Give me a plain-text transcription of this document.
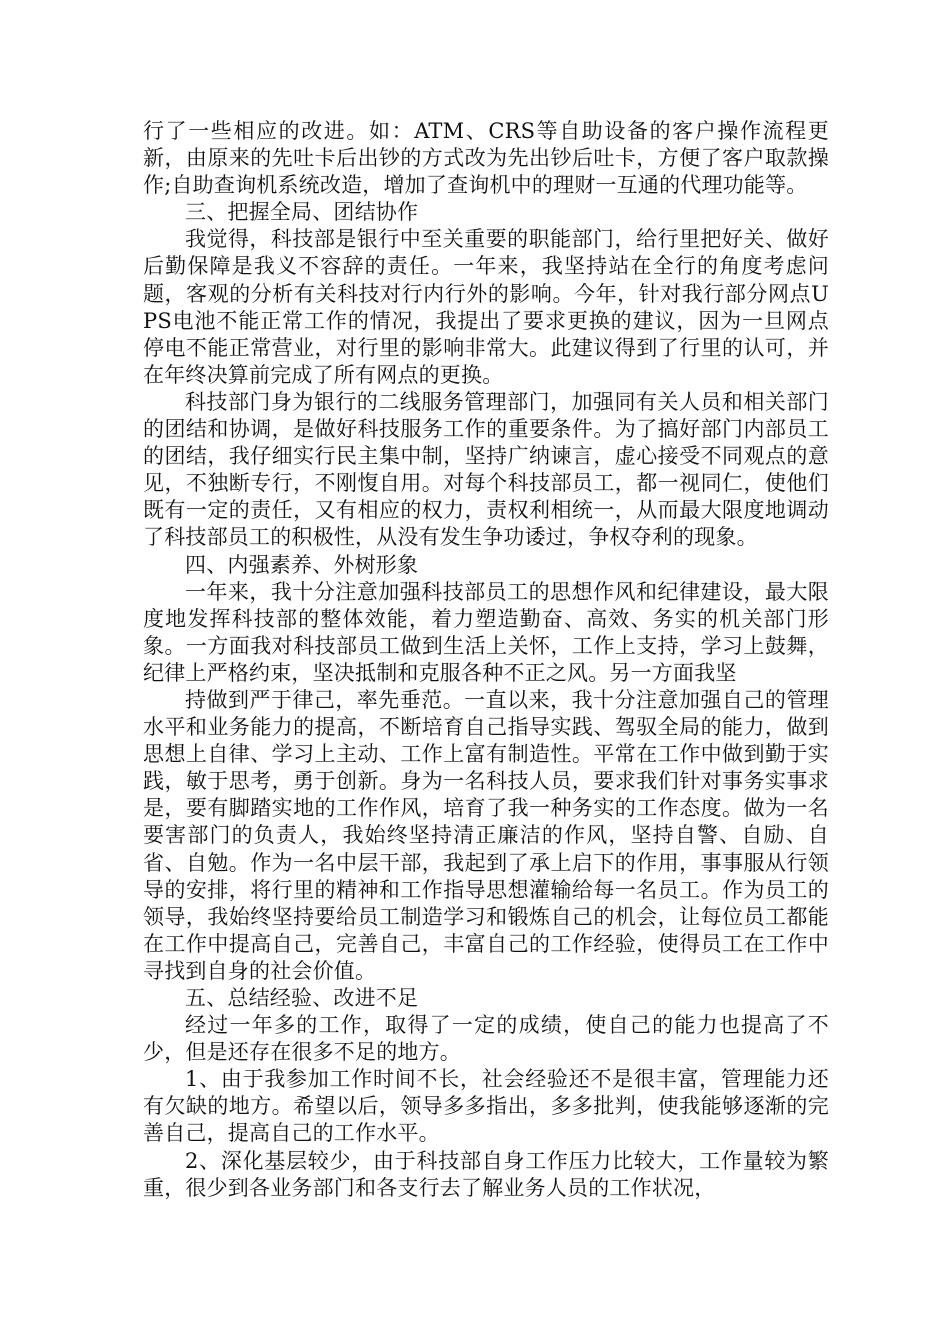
行了一些相应的改进。如：ATM、CRS等自助设备的客户操作流程更新，由原来的先吐卡后出钞的方式改为先出钞后吐卡，方便了客户取款操作;自助查询机系统改造，增加了查询机中的理财一互通的代理功能等。

三、把握全局、团结协作

我觉得，科技部是银行中至关重要的职能部门，给行里把好关、做好后勤保障是我义不容辞的责任。一年来，我坚持站在全行的角度考虑问题，客观的分析有关科技对行内行外的影响。今年，针对我行部分网点UPS电池不能正常工作的情况，我提出了要求更换的建议，因为一旦网点停电不能正常营业，对行里的影响非常大。此建议得到了行里的认可，并在年终决算前完成了所有网点的更换。

科技部门身为银行的二线服务管理部门，加强同有关人员和相关部门的团结和协调，是做好科技服务工作的重要条件。为了搞好部门内部员工的团结，我仔细实行民主集中制，坚持广纳谏言，虚心接受不同观点的意见，不独断专行，不刚愎自用。对每个科技部员工，都一视同仁，使他们既有一定的责任，又有相应的权力，责权利相统一，从而最大限度地调动了科技部员工的积极性，从没有发生争功诿过，争权夺利的现象。

四、内强素养、外树形象

一年来，我十分注意加强科技部员工的思想作风和纪律建设，最大限度地发挥科技部的整体效能，着力塑造勤奋、高效、务实的机关部门形象。一方面我对科技部员工做到生活上关怀，工作上支持，学习上鼓舞，纪律上严格约束，坚决抵制和克服各种不正之风。另一方面我坚

持做到严于律己，率先垂范。一直以来，我十分注意加强自己的管理水平和业务能力的提高，不断培育自己指导实践、驾驭全局的能力，做到思想上自律、学习上主动、工作上富有制造性。平常在工作中做到勤于实践，敏于思考，勇于创新。身为一名科技人员，要求我们针对事务实事求是，要有脚踏实地的工作作风，培育了我一种务实的工作态度。做为一名要害部门的负责人，我始终坚持清正廉洁的作风，坚持自警、自励、自省、自勉。作为一名中层干部，我起到了承上启下的作用，事事服从行领导的安排，将行里的精神和工作指导思想灌输给每一名员工。作为员工的领导，我始终坚持要给员工制造学习和锻炼自己的机会，让每位员工都能在工作中提高自己，完善自己，丰富自己的工作经验，使得员工在工作中寻找到自身的社会价值。

五、总结经验、改进不足

经过一年多的工作，取得了一定的成绩，使自己的能力也提高了不少，但是还存在很多不足的地方。

1、由于我参加工作时间不长，社会经验还不是很丰富，管理能力还有欠缺的地方。希望以后，领导多多指出，多多批判，使我能够逐渐的完善自己，提高自己的工作水平。

2、深化基层较少，由于科技部自身工作压力比较大，工作量较为繁重，很少到各业务部门和各支行去了解业务人员的工作状况，
